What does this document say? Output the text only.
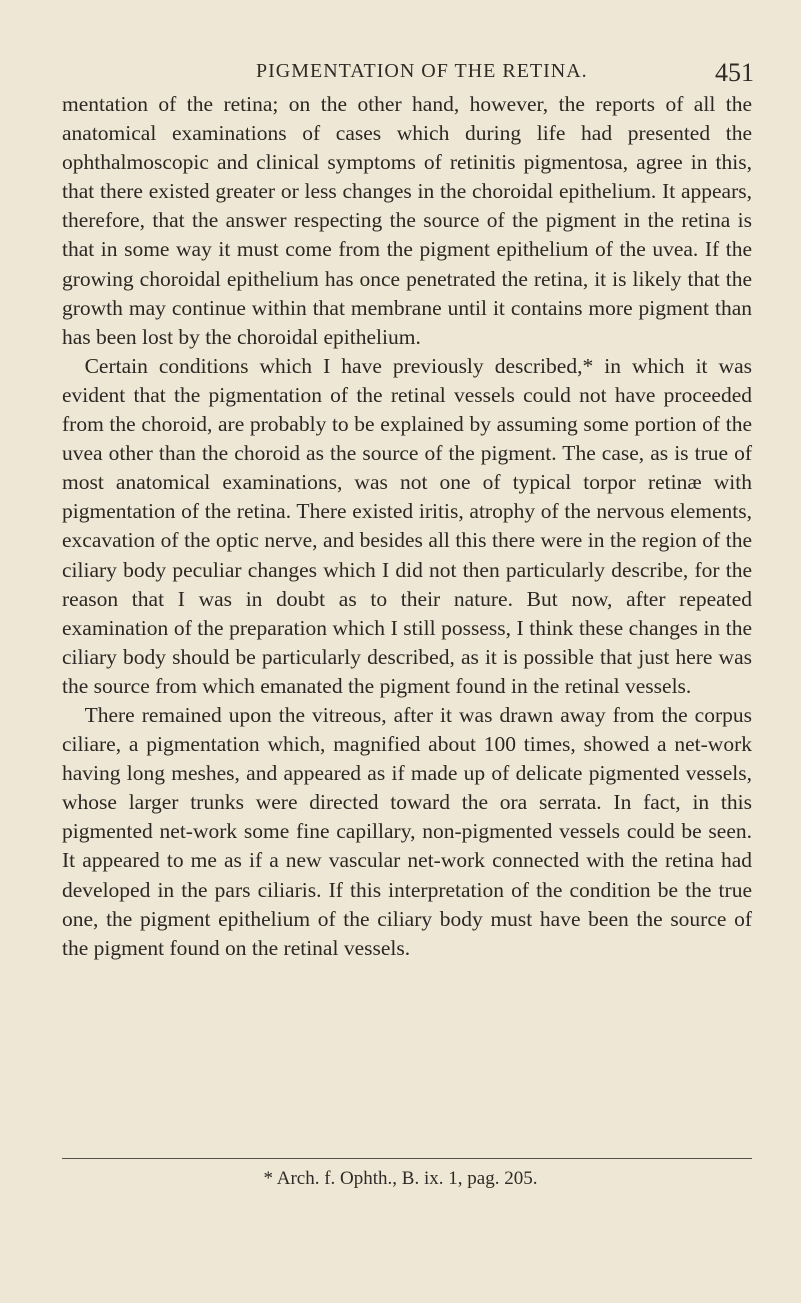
PIGMENTATION OF THE RETINA.	451

mentation of the retina; on the other hand, however, the reports of all the anatomical examinations of cases which during life had presented the ophthalmoscopic and clinical symptoms of retinitis pigmentosa, agree in this, that there existed greater or less changes in the choroidal epithelium. It appears, therefore, that the answer respecting the source of the pigment in the retina is that in some way it must come from the pigment epithelium of the uvea. If the growing choroidal epithelium has once penetrated the retina, it is likely that the growth may continue within that membrane until it contains more pigment than has been lost by the choroidal epithelium.

Certain conditions which I have previously described,* in which it was evident that the pigmentation of the retinal vessels could not have proceeded from the choroid, are probably to be explained by assuming some portion of the uvea other than the choroid as the source of the pigment. The case, as is true of most anatomical examinations, was not one of typical torpor retinæ with pigmentation of the retina. There existed iritis, atrophy of the nervous elements, excavation of the optic nerve, and besides all this there were in the region of the ciliary body peculiar changes which I did not then particularly describe, for the reason that I was in doubt as to their nature. But now, after repeated examination of the preparation which I still possess, I think these changes in the ciliary body should be particularly described, as it is possible that just here was the source from which emanated the pigment found in the retinal vessels.

There remained upon the vitreous, after it was drawn away from the corpus ciliare, a pigmentation which, magnified about 100 times, showed a net-work having long meshes, and appeared as if made up of delicate pigmented vessels, whose larger trunks were directed toward the ora serrata. In fact, in this pigmented net-work some fine capillary, non-pigmented vessels could be seen. It appeared to me as if a new vascular net-work connected with the retina had developed in the pars ciliaris. If this interpretation of the condition be the true one, the pigment epithelium of the ciliary body must have been the source of the pigment found on the retinal vessels.

* Arch. f. Ophth., B. ix. 1, pag. 205.
